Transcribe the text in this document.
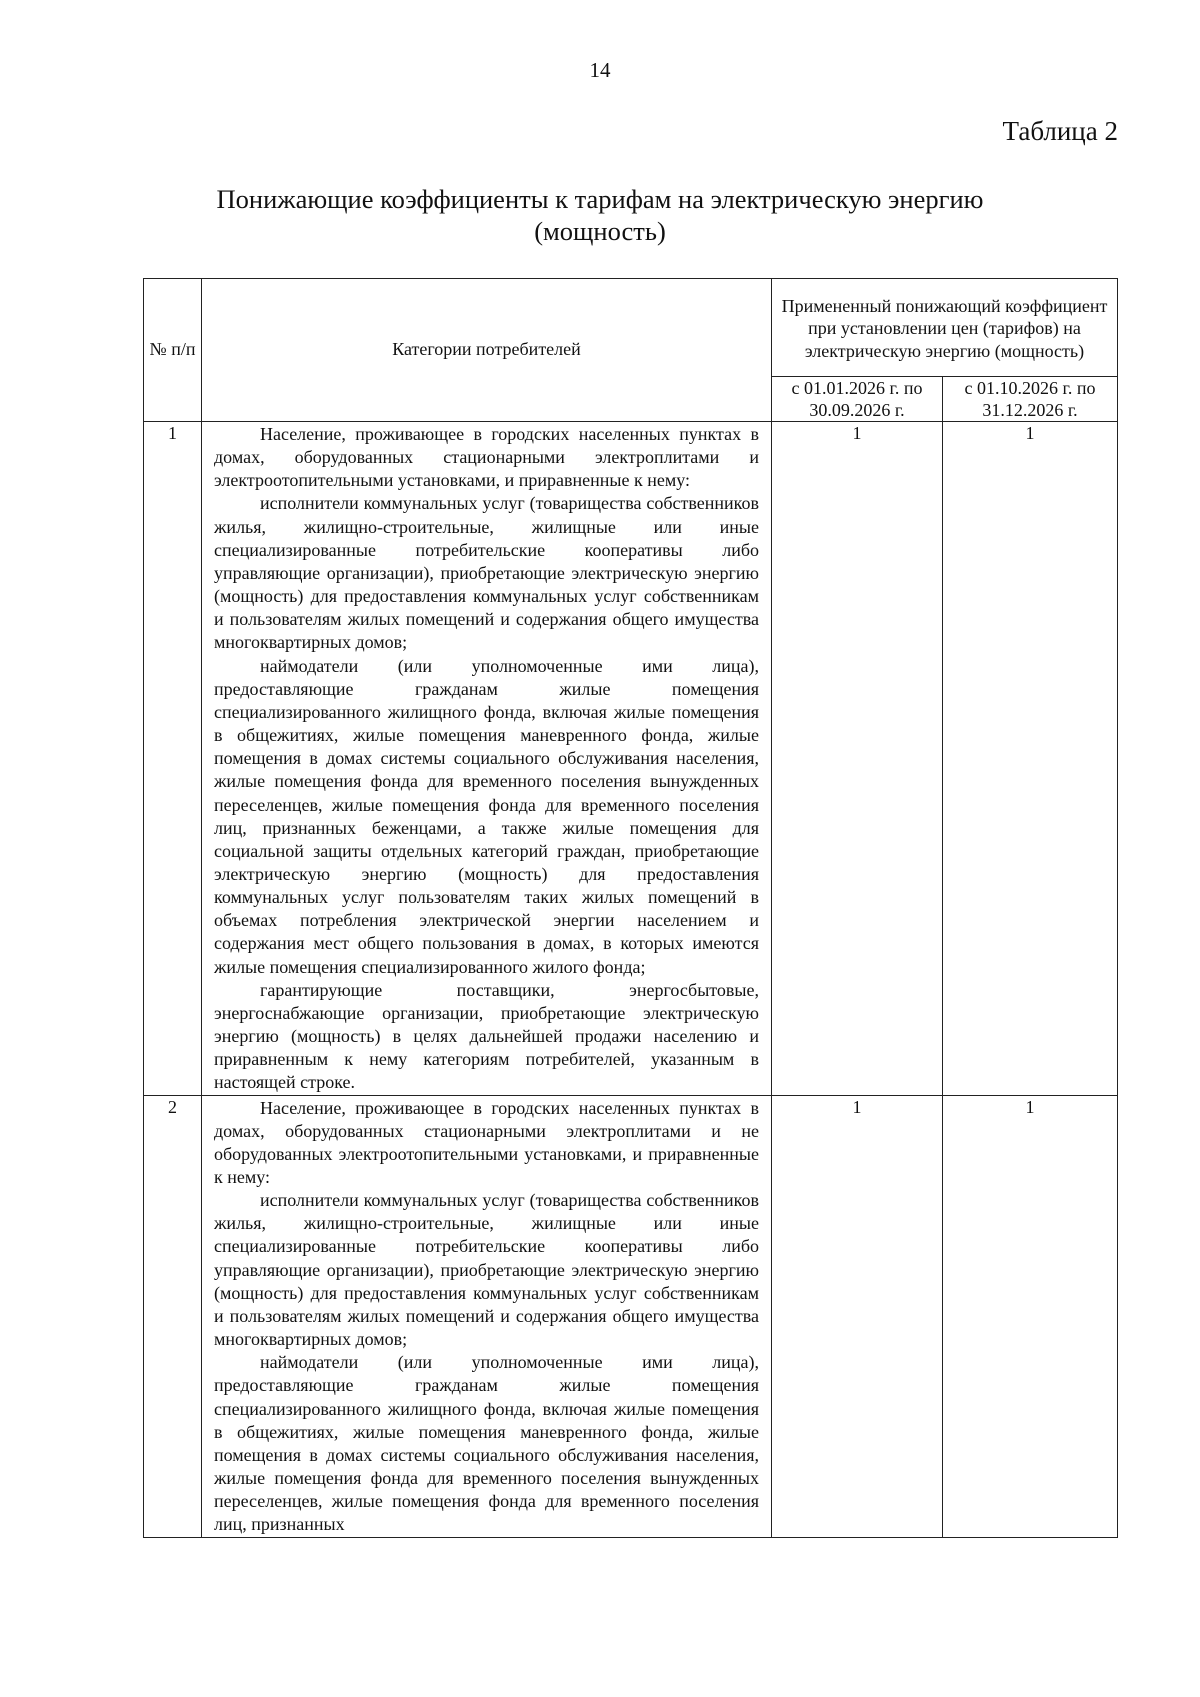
14
Таблица 2
Понижающие коэффициенты к тарифам на электрическую энергию (мощность)
№ п/п	Категории потребителей	Примененный понижающий коэффициент при установлении цен (тарифов) на электрическую энергию (мощность)	
		с 01.01.2026 г. по 30.09.2026 г.	с 01.10.2026 г. по 31.12.2026 г.
1	Население, проживающее в городских населенных пунктах в домах, оборудованных стационарными электроплитами и электроотопительными установками, и приравненные к нему:

исполнители коммунальных услуг (товарищества собственников жилья, жилищно-строительные, жилищные или иные специализированные потребительские кооперативы либо управляющие организации), приобретающие электрическую энергию (мощность) для предоставления коммунальных услуг собственникам и пользователям жилых помещений и содержания общего имущества многоквартирных домов;

наймодатели (или уполномоченные ими лица), предоставляющие гражданам жилые помещения специализированного жилищного фонда, включая жилые помещения в общежитиях, жилые помещения маневренного фонда, жилые помещения в домах системы социального обслуживания населения, жилые помещения фонда для временного поселения вынужденных переселенцев, жилые помещения фонда для временного поселения лиц, признанных беженцами, а также жилые помещения для социальной защиты отдельных категорий граждан, приобретающие электрическую энергию (мощность) для предоставления коммунальных услуг пользователям таких жилых помещений в объемах потребления электрической энергии населением и содержания мест общего пользования в домах, в которых имеются жилые помещения специализированного жилого фонда;

гарантирующие поставщики, энергосбытовые, энергоснабжающие организации, приобретающие электрическую энергию (мощность) в целях дальнейшей продажи населению и приравненным к нему категориям потребителей, указанным в настоящей строке.	1	1
2	Население, проживающее в городских населенных пунктах в домах, оборудованных стационарными электроплитами и не оборудованных электроотопительными установками, и приравненные к нему:

исполнители коммунальных услуг (товарищества собственников жилья, жилищно-строительные, жилищные или иные специализированные потребительские кооперативы либо управляющие организации), приобретающие электрическую энергию (мощность) для предоставления коммунальных услуг собственникам и пользователям жилых помещений и содержания общего имущества многоквартирных домов;

наймодатели (или уполномоченные ими лица), предоставляющие гражданам жилые помещения специализированного жилищного фонда, включая жилые помещения в общежитиях, жилые помещения маневренного фонда, жилые помещения в домах системы социального обслуживания населения, жилые помещения фонда для временного поселения вынужденных переселенцев, жилые помещения фонда для временного поселения лиц, признанных	1	1
